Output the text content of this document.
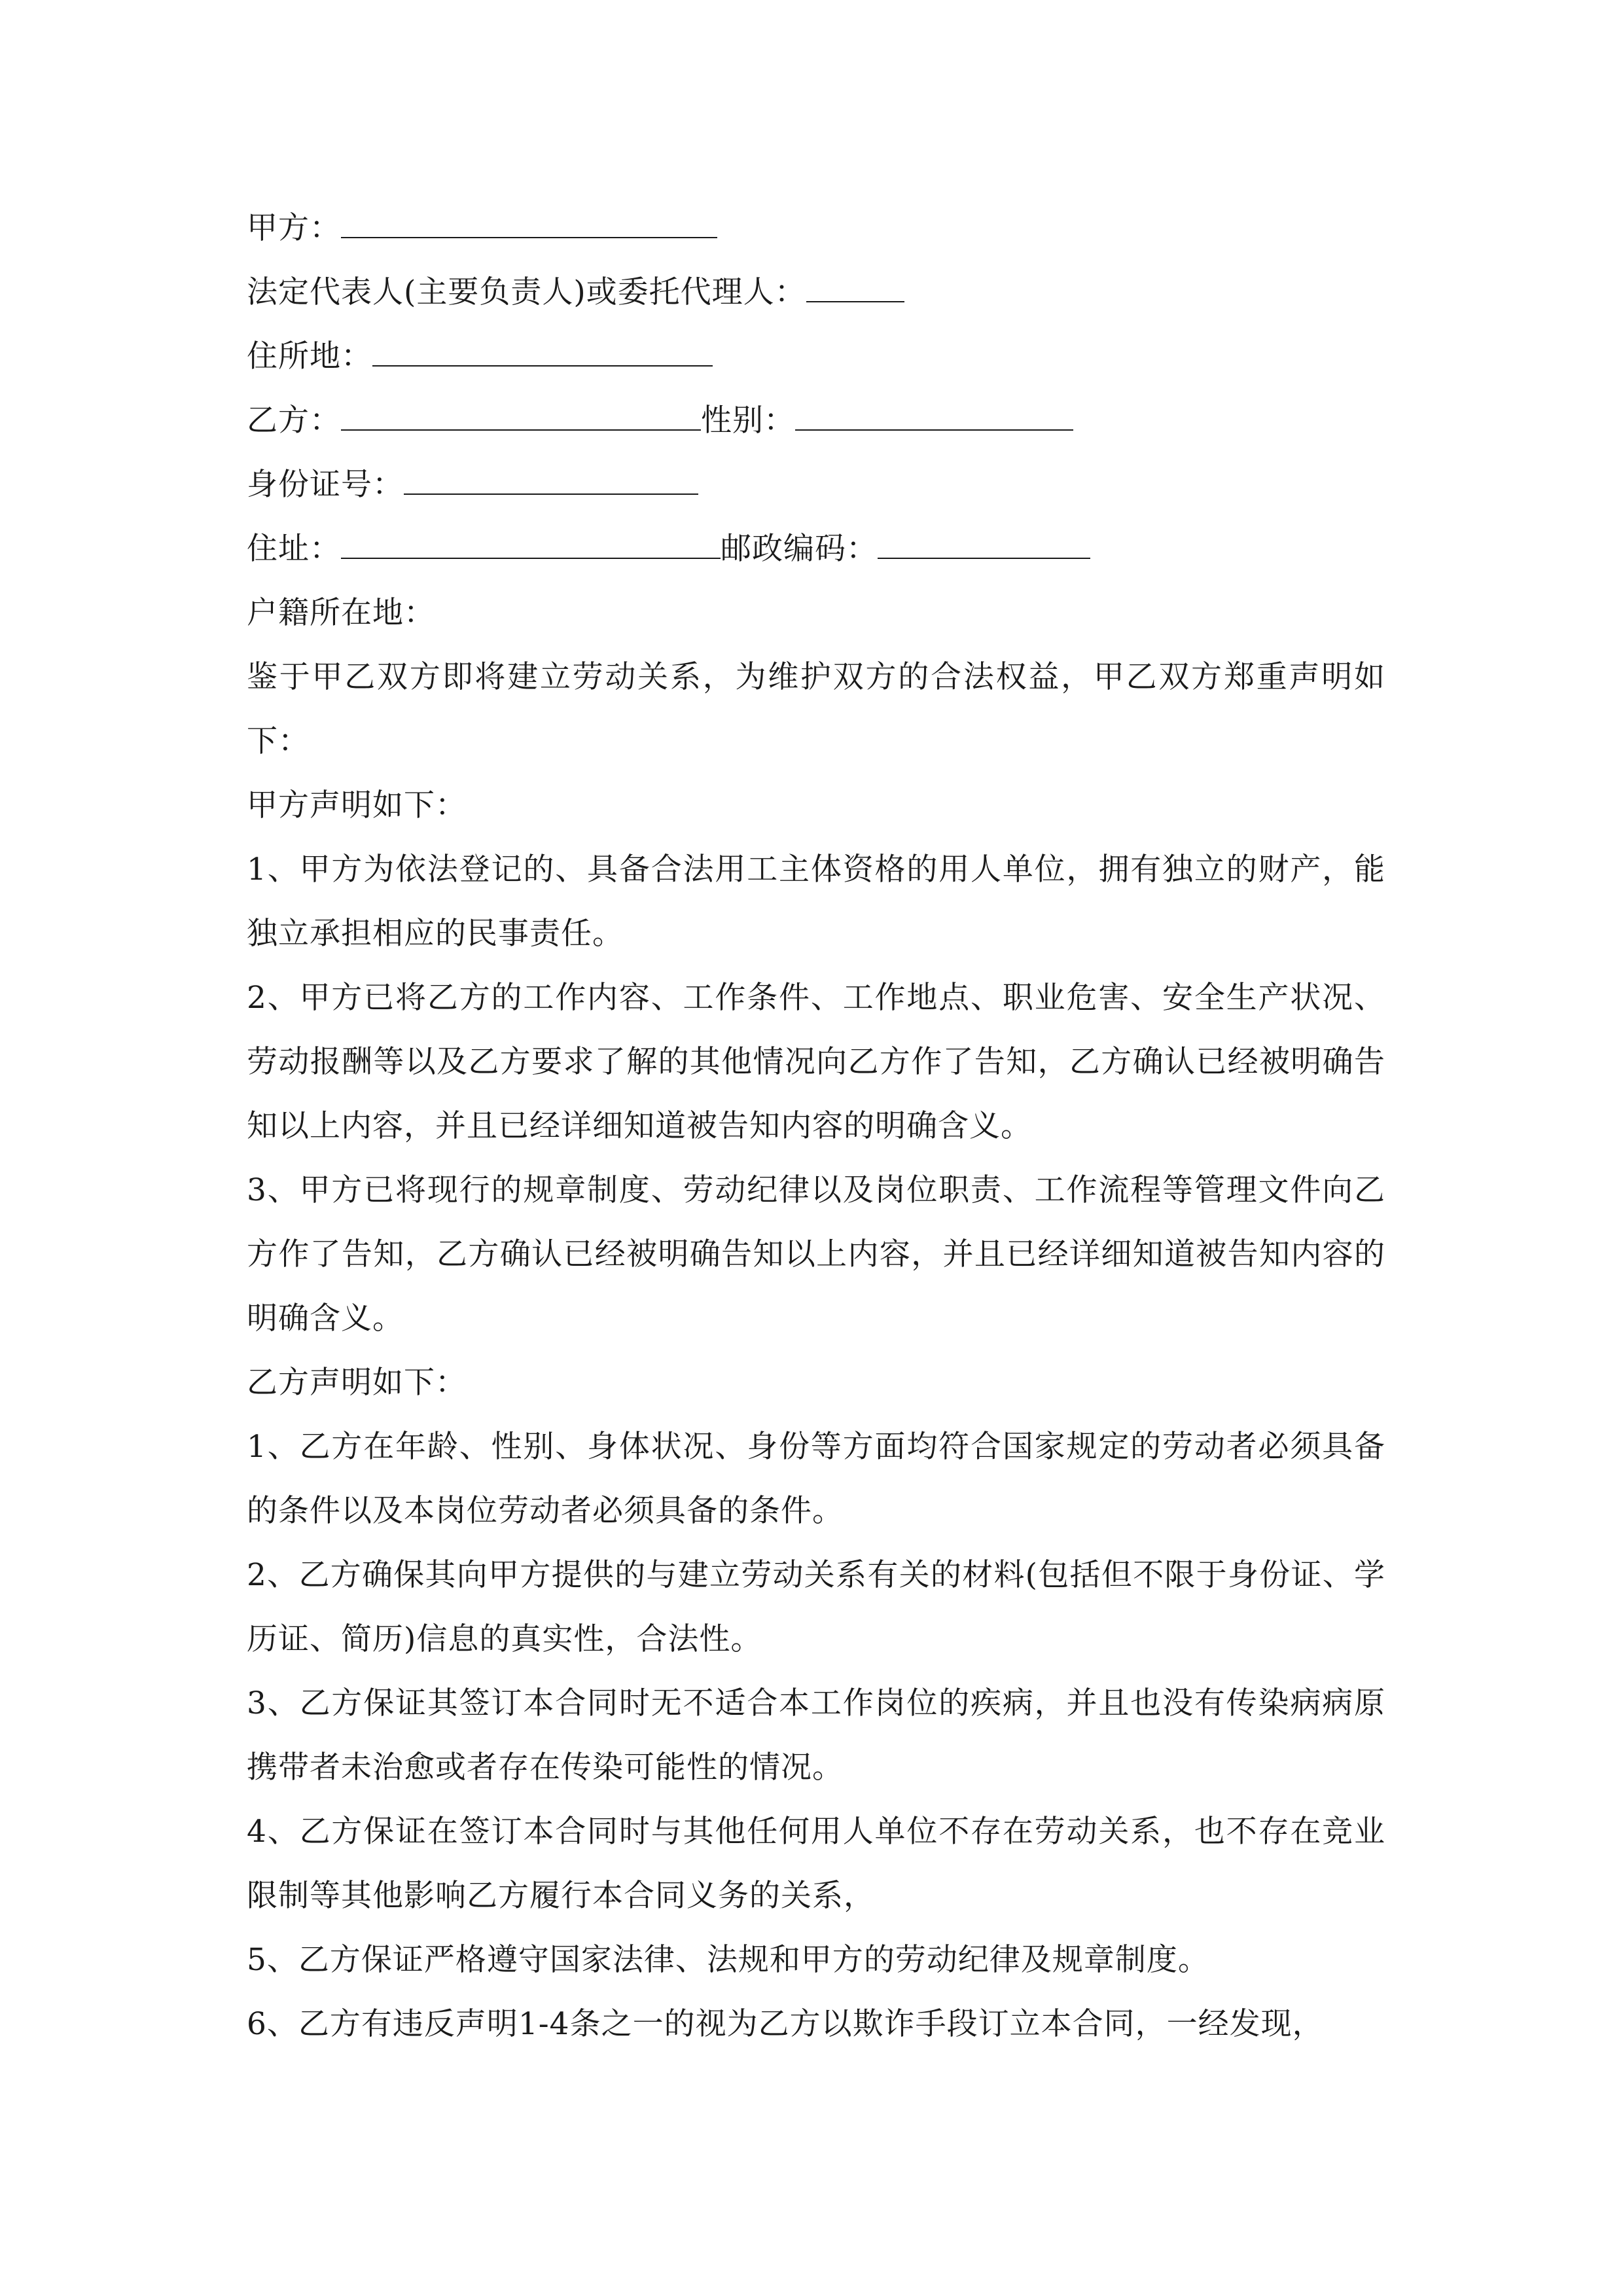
甲方：
法定代表人(主要负责人)或委托代理人：
住所地：
乙方：	性别：
身份证号：
住址：	邮政编码：
户籍所在地：

鉴于甲乙双方即将建立劳动关系，为维护双方的合法权益，甲乙双方郑重声明如下：

甲方声明如下：

1、甲方为依法登记的、具备合法用工主体资格的用人单位，拥有独立的财产，能独立承担相应的民事责任。

2、甲方已将乙方的工作内容、工作条件、工作地点、职业危害、安全生产状况、劳动报酬等以及乙方要求了解的其他情况向乙方作了告知，乙方确认已经被明确告知以上内容，并且已经详细知道被告知内容的明确含义。

3、甲方已将现行的规章制度、劳动纪律以及岗位职责、工作流程等管理文件向乙方作了告知，乙方确认已经被明确告知以上内容，并且已经详细知道被告知内容的明确含义。

乙方声明如下：

1、乙方在年龄、性别、身体状况、身份等方面均符合国家规定的劳动者必须具备的条件以及本岗位劳动者必须具备的条件。

2、乙方确保其向甲方提供的与建立劳动关系有关的材料(包括但不限于身份证、学历证、简历)信息的真实性，合法性。

3、乙方保证其签订本合同时无不适合本工作岗位的疾病，并且也没有传染病病原携带者未治愈或者存在传染可能性的情况。

4、乙方保证在签订本合同时与其他任何用人单位不存在劳动关系，也不存在竞业限制等其他影响乙方履行本合同义务的关系，

5、乙方保证严格遵守国家法律、法规和甲方的劳动纪律及规章制度。

6、乙方有违反声明1-4条之一的视为乙方以欺诈手段订立本合同，一经发现，
